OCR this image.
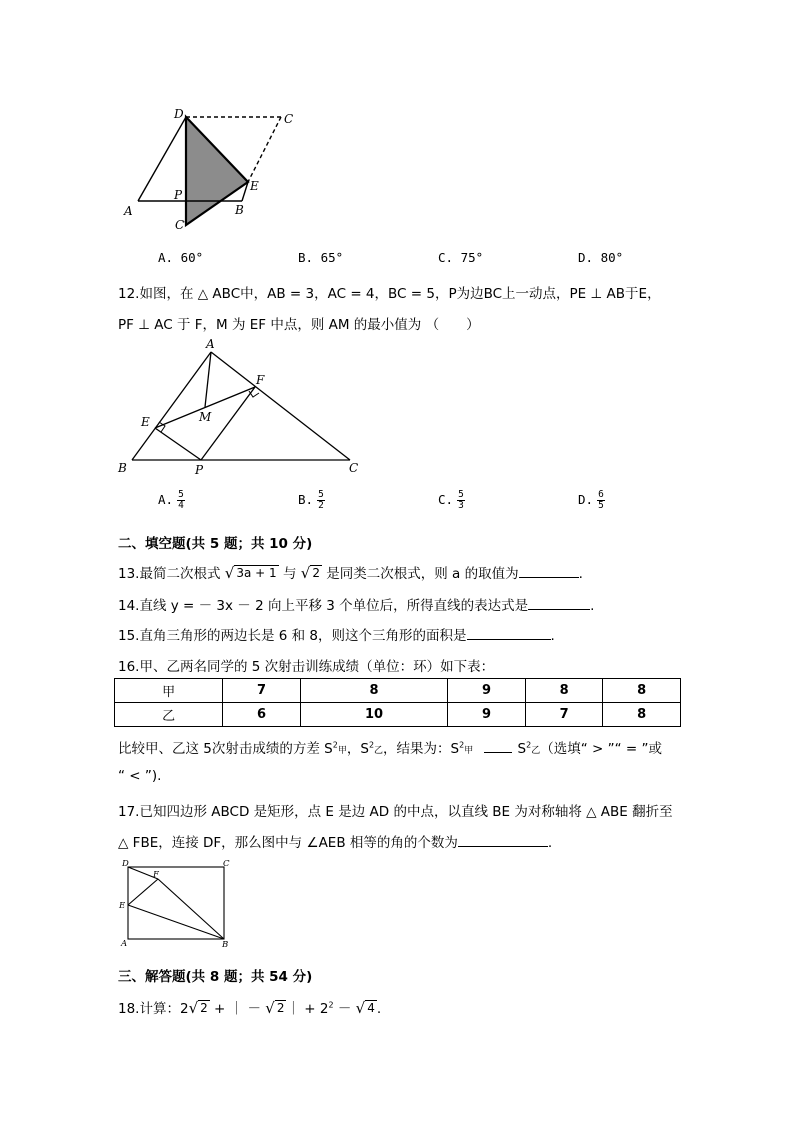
D	C
A
P
E
B
C′
A. 60°	B. 65°	C. 75°	D. 80°
12.如图，在 △ ABC中，AB = 3，AC = 4，BC = 5，P为边BC上一动点，PE ⊥ AB于E，
PF ⊥ AC 于 F，M 为 EF 中点，则 AM 的最小值为 （　　）
A
F
M
E
B	P	C
A. $\frac{5}{4}$	B. $\frac{5}{2}$	C. $\frac{5}{3}$	D. $\frac{6}{5}$
二、填空题(共 5 题；共 10 分)
13.最简二次根式 √ 3a + 1 与 √ 2 是同类二次根式，则 a 的取值为	.
14.直线 y = － 3x － 2 向上平移 3 个单位后，所得直线的表达式是	.
15.直角三角形的两边长是 6 和 8，则这个三角形的面积是	.
16.甲、乙两名同学的 5 次射击训练成绩（单位：环）如下表：
甲	7	8	9	8	8
乙	6	10	9	7	8
比较甲、乙这 5次射击成绩的方差 $S^2$甲，$S^2$乙，结果为：$S^2$甲	$S^2$乙（选填“ > ”“ = ”或
“ < ”).
17.已知四边形 ABCD 是矩形，点 E 是边 AD 的中点，以直线 BE 为对称轴将 △ ABE 翻折至
△ FBE，连接 DF，那么图中与 ∠AEB 相等的角的个数为	.
D	C
F
E
A	B
三、解答题(共 8 题；共 54 分)
18.计算：2 √ 2 + ｜ － √ 2 ｜ + $2^2$ － √ 4 .
